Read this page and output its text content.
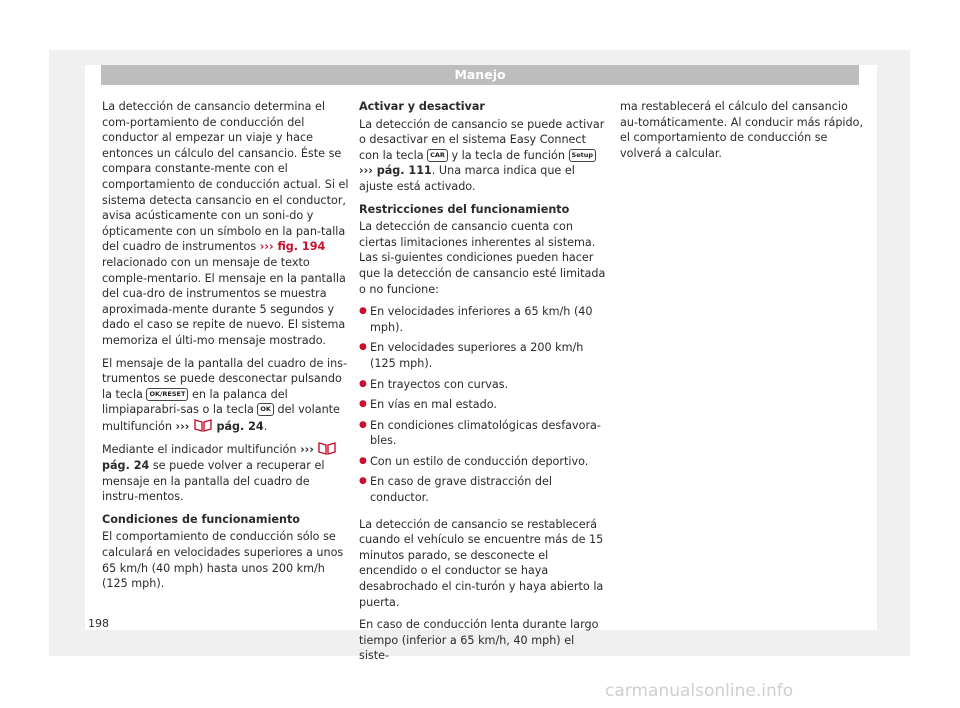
Manejo

La detección de cansancio determina el com-portamiento de conducción del conductor al empezar un viaje y hace entonces un cálculo del cansancio. Éste se compara constante-mente con el comportamiento de conducción actual. Si el sistema detecta cansancio en el conductor, avisa acústicamente con un soni-do y ópticamente con un símbolo en la pan-talla del cuadro de instrumentos ››› fig. 194 relacionado con un mensaje de texto comple-mentario. El mensaje en la pantalla del cua-dro de instrumentos se muestra aproximada-mente durante 5 segundos y dado el caso se repite de nuevo. El sistema memoriza el últi-mo mensaje mostrado.

El mensaje de la pantalla del cuadro de ins-trumentos se puede desconectar pulsando la tecla OK/RESET en la palanca del limpiaparabri-sas o la tecla OK del volante multifunción ››› pág. 24.

Mediante el indicador multifunción ›››  pág. 24 se puede volver a recuperar el mensaje en la pantalla del cuadro de instru-mentos.

Condiciones de funcionamiento

El comportamiento de conducción sólo se calculará en velocidades superiores a unos 65 km/h (40 mph) hasta unos 200 km/h (125 mph).

Activar y desactivar

La detección de cansancio se puede activar o desactivar en el sistema Easy Connect con la tecla CAR y la tecla de función Setup ››› pág. 111. Una marca indica que el ajuste está activado.

Restricciones del funcionamiento

La detección de cansancio cuenta con ciertas limitaciones inherentes al sistema. Las si-guientes condiciones pueden hacer que la detección de cansancio esté limitada o no funcione:

● En velocidades inferiores a 65 km/h (40 mph).
● En velocidades superiores a 200 km/h (125 mph).
● En trayectos con curvas.
● En vías en mal estado.
● En condiciones climatológicas desfavora-bles.
● Con un estilo de conducción deportivo.
● En caso de grave distracción del conductor.

La detección de cansancio se restablecerá cuando el vehículo se encuentre más de 15 minutos parado, se desconecte el encendido o el conductor se haya desabrochado el cin-turón y haya abierto la puerta.

En caso de conducción lenta durante largo tiempo (inferior a 65 km/h, 40 mph) el siste-

ma restablecerá el cálculo del cansancio au-tomáticamente. Al conducir más rápido, el comportamiento de conducción se volverá a calcular.

198
carmanualsonline.info
